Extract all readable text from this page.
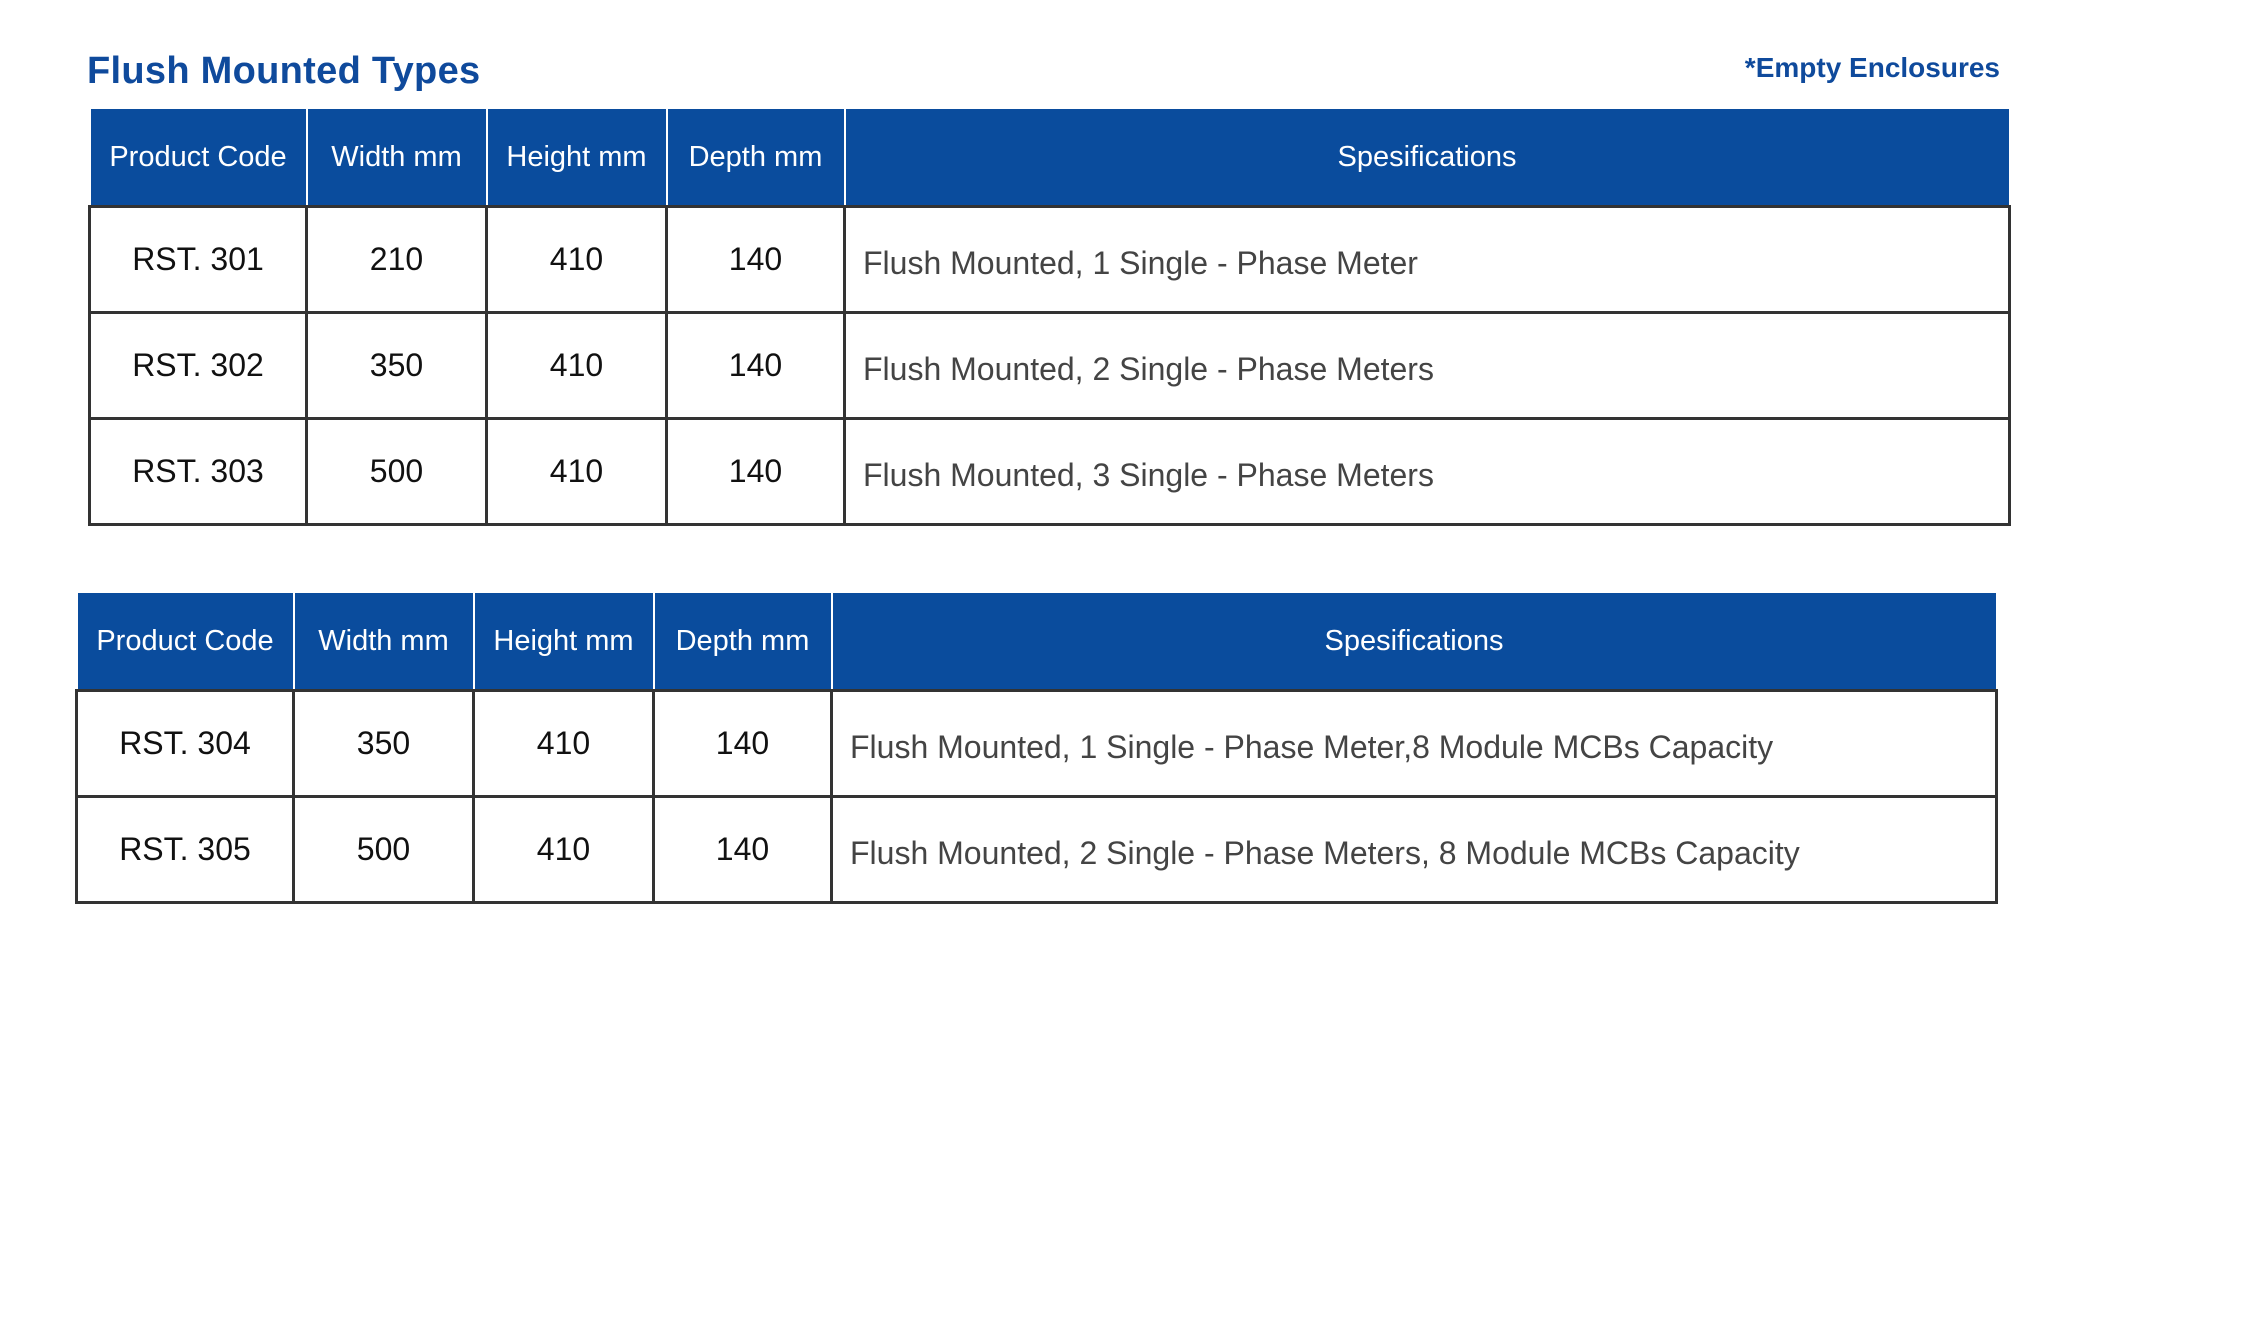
Flush Mounted Types	*Empty Enclosures
Product Code	Width mm	Height mm	Depth mm	Spesifications
RST. 301	210	410	140	Flush Mounted, 1 Single - Phase Meter
RST. 302	350	410	140	Flush Mounted, 2 Single - Phase Meters
RST. 303	500	410	140	Flush Mounted, 3 Single - Phase Meters
Product Code	Width mm	Height mm	Depth mm	Spesifications
RST. 304	350	410	140	Flush Mounted, 1 Single - Phase Meter,8 Module MCBs Capacity
RST. 305	500	410	140	Flush Mounted, 2 Single - Phase Meters, 8 Module MCBs Capacity
